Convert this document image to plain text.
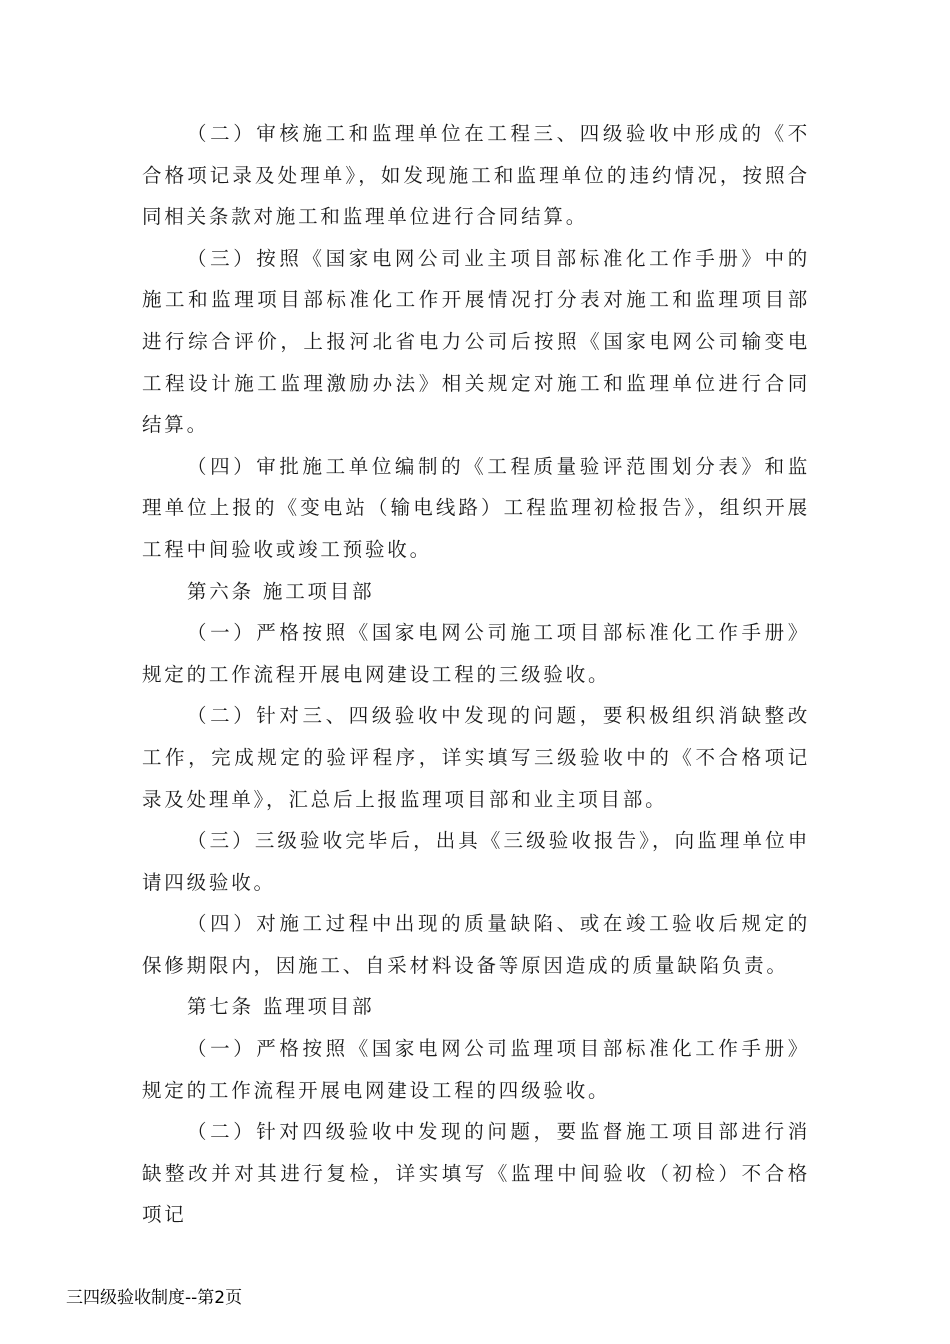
（二）审核施工和监理单位在工程三、四级验收中形成的《不合格项记录及处理单》，如发现施工和监理单位的违约情况，按照合同相关条款对施工和监理单位进行合同结算。

（三）按照《国家电网公司业主项目部标准化工作手册》中的施工和监理项目部标准化工作开展情况打分表对施工和监理项目部进行综合评价，上报河北省电力公司后按照《国家电网公司输变电工程设计施工监理激励办法》相关规定对施工和监理单位进行合同结算。

（四）审批施工单位编制的《工程质量验评范围划分表》和监理单位上报的《变电站（输电线路）工程监理初检报告》，组织开展工程中间验收或竣工预验收。

第六条 施工项目部

（一）严格按照《国家电网公司施工项目部标准化工作手册》规定的工作流程开展电网建设工程的三级验收。

（二）针对三、四级验收中发现的问题，要积极组织消缺整改工作，完成规定的验评程序，详实填写三级验收中的《不合格项记录及处理单》，汇总后上报监理项目部和业主项目部。

（三）三级验收完毕后，出具《三级验收报告》，向监理单位申请四级验收。

（四）对施工过程中出现的质量缺陷、或在竣工验收后规定的保修期限内，因施工、自采材料设备等原因造成的质量缺陷负责。

第七条 监理项目部

（一）严格按照《国家电网公司监理项目部标准化工作手册》规定的工作流程开展电网建设工程的四级验收。

（二）针对四级验收中发现的问题，要监督施工项目部进行消缺整改并对其进行复检，详实填写《监理中间验收（初检）不合格项记

三四级验收制度--第2页
